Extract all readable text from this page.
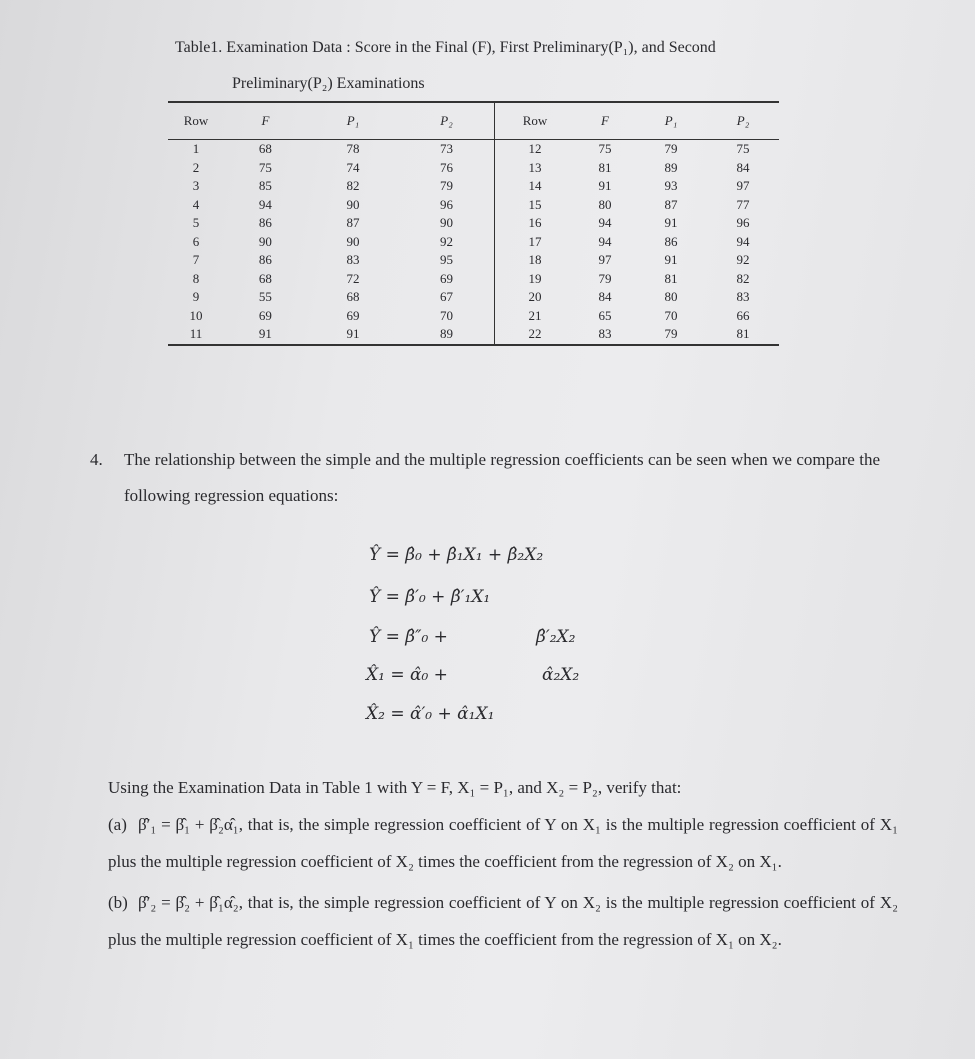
Table1. Examination Data : Score in the Final (F), First Preliminary(P₁), and Second
Preliminary(P₂) Examinations
Row	F	P₁	P₂	Row	F	P₁	P₂
1	68	78	73	12	75	79	75
2	75	74	76	13	81	89	84
3	85	82	79	14	91	93	97
4	94	90	96	15	80	87	77
5	86	87	90	16	94	91	96
6	90	90	92	17	94	86	94
7	86	83	95	18	97	91	92
8	68	72	69	19	79	81	82
9	55	68	67	20	84	80	83
10	69	69	70	21	65	70	66
11	91	91	89	22	83	79	81
4.	The relationship between the simple and the multiple regression coefficients can be seen when we compare the following regression equations:
Ŷ = β̂₀ + β̂₁X₁ + β̂₂X₂
Ŷ = β̂′₀ + β̂′₁X₁
Ŷ = β̂″₀ +	β̂′₂X₂
X̂₁ = α̂₀ +	α̂₂X₂
X̂₂ = α̂′₀ + α̂₁X₁
Using the Examination Data in Table 1 with Y = F, X₁ = P₁, and X₂ = P₂, verify that:
(a) β̂′₁ = β̂₁ + β̂₂α̂₁, that is, the simple regression coefficient of Y on X₁ is the multiple regression coefficient of X₁ plus the multiple regression coefficient of X₂ times the coefficient from the regression of X₂ on X₁.
(b) β̂′₂ = β̂₂ + β̂₁α̂₂, that is, the simple regression coefficient of Y on X₂ is the multiple regression coefficient of X₂ plus the multiple regression coefficient of X₁ times the coefficient from the regression of X₁ on X₂.
